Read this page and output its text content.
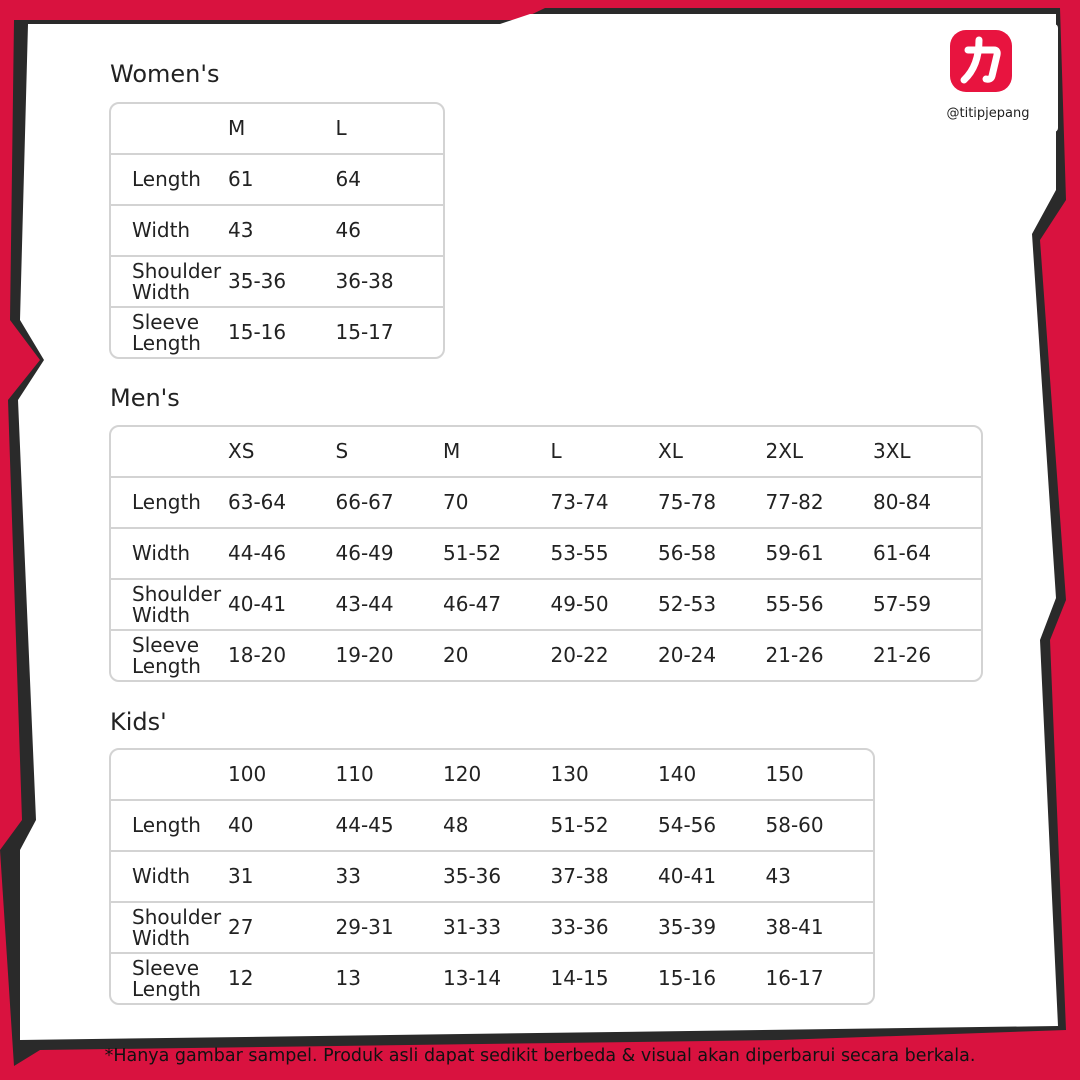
@titipjepang
Women's
	M	L
Length	61	64
Width	43	46
Shoulder Width	35-36	36-38
Sleeve Length	15-16	15-17
Men's
	XS	S	M	L	XL	2XL	3XL
Length	63-64	66-67	70	73-74	75-78	77-82	80-84
Width	44-46	46-49	51-52	53-55	56-58	59-61	61-64
Shoulder Width	40-41	43-44	46-47	49-50	52-53	55-56	57-59
Sleeve Length	18-20	19-20	20	20-22	20-24	21-26	21-26
Kids'
	100	110	120	130	140	150
Length	40	44-45	48	51-52	54-56	58-60
Width	31	33	35-36	37-38	40-41	43
Shoulder Width	27	29-31	31-33	33-36	35-39	38-41
Sleeve Length	12	13	13-14	14-15	15-16	16-17
*Hanya gambar sampel. Produk asli dapat sedikit berbeda & visual akan diperbarui secara berkala.
